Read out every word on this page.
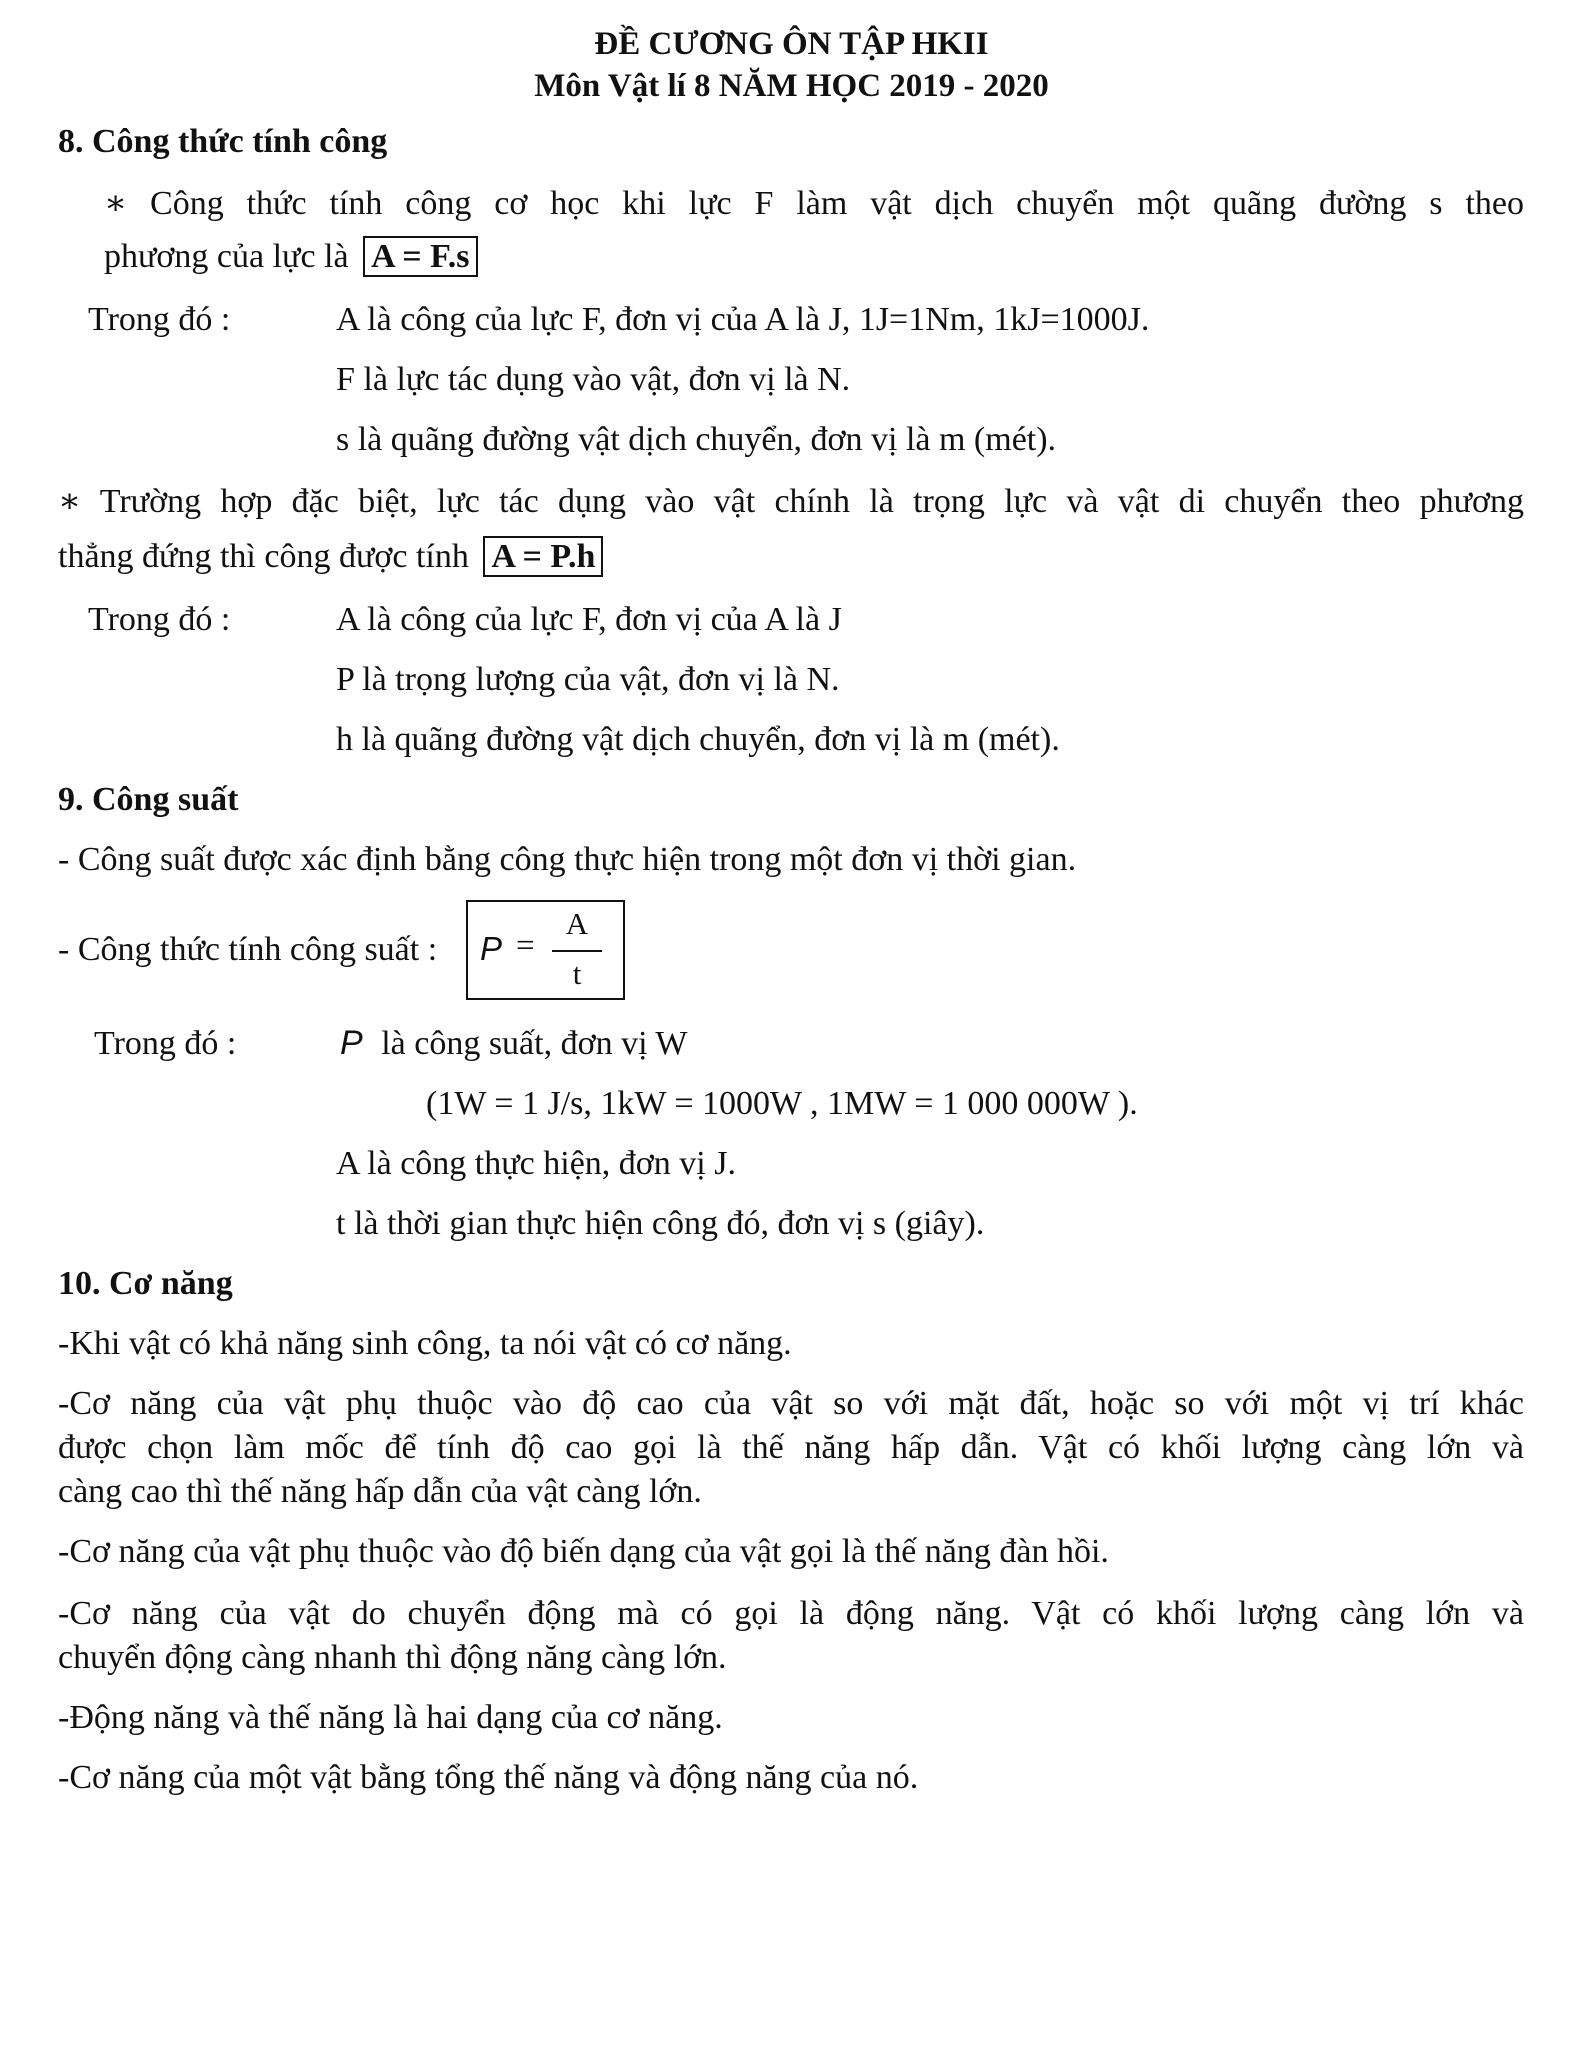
ĐỀ CƯƠNG ÔN TẬP HKII
Môn Vật lí 8 NĂM HỌC 2019 - 2020
8. Công thức tính công
∗ Công thức tính công cơ học khi lực F làm vật dịch chuyển một quãng đường s theo
phương của lực là A = F.s
Trong đó :	A là công của lực F, đơn vị của A là J, 1J=1Nm, 1kJ=1000J.
F là lực tác dụng vào vật, đơn vị là N.
s là quãng đường vật dịch chuyển, đơn vị là m (mét).
∗ Trường hợp đặc biệt, lực tác dụng vào vật chính là trọng lực và vật di chuyển theo phương
thẳng đứng thì công được tính A = P.h
Trong đó :	A là công của lực F, đơn vị của A là J
P là trọng lượng của vật, đơn vị là N.
h là quãng đường vật dịch chuyển, đơn vị là m (mét).
9. Công suất
- Công suất được xác định bằng công thực hiện trong một đơn vị thời gian.
- Công thức tính công suất : P =
A
t
Trong đó :	P là công suất, đơn vị W
(1W = 1 J/s, 1kW = 1000W , 1MW = 1 000 000W ).
A là công thực hiện, đơn vị J.
t là thời gian thực hiện công đó, đơn vị s (giây).
10. Cơ năng
-Khi vật có khả năng sinh công, ta nói vật có cơ năng.
-Cơ năng của vật phụ thuộc vào độ cao của vật so với mặt đất, hoặc so với một vị trí khác
được chọn làm mốc để tính độ cao gọi là thế năng hấp dẫn. Vật có khối lượng càng lớn và
càng cao thì thế năng hấp dẫn của vật càng lớn.
-Cơ năng của vật phụ thuộc vào độ biến dạng của vật gọi là thế năng đàn hồi.
-Cơ năng của vật do chuyển động mà có gọi là động năng. Vật có khối lượng càng lớn và
chuyển động càng nhanh thì động năng càng lớn.
-Động năng và thế năng là hai dạng của cơ năng.
-Cơ năng của một vật bằng tổng thế năng và động năng của nó.
